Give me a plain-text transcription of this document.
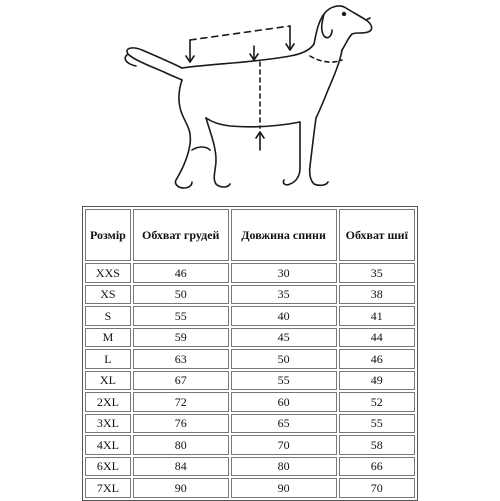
Розмір	Обхват грудей	Довжина спини	Обхват шиї
XXS	46	30	35
XS	50	35	38
S	55	40	41
M	59	45	44
L	63	50	46
XL	67	55	49
2XL	72	60	52
3XL	76	65	55
4XL	80	70	58
6XL	84	80	66
7XL	90	90	70
